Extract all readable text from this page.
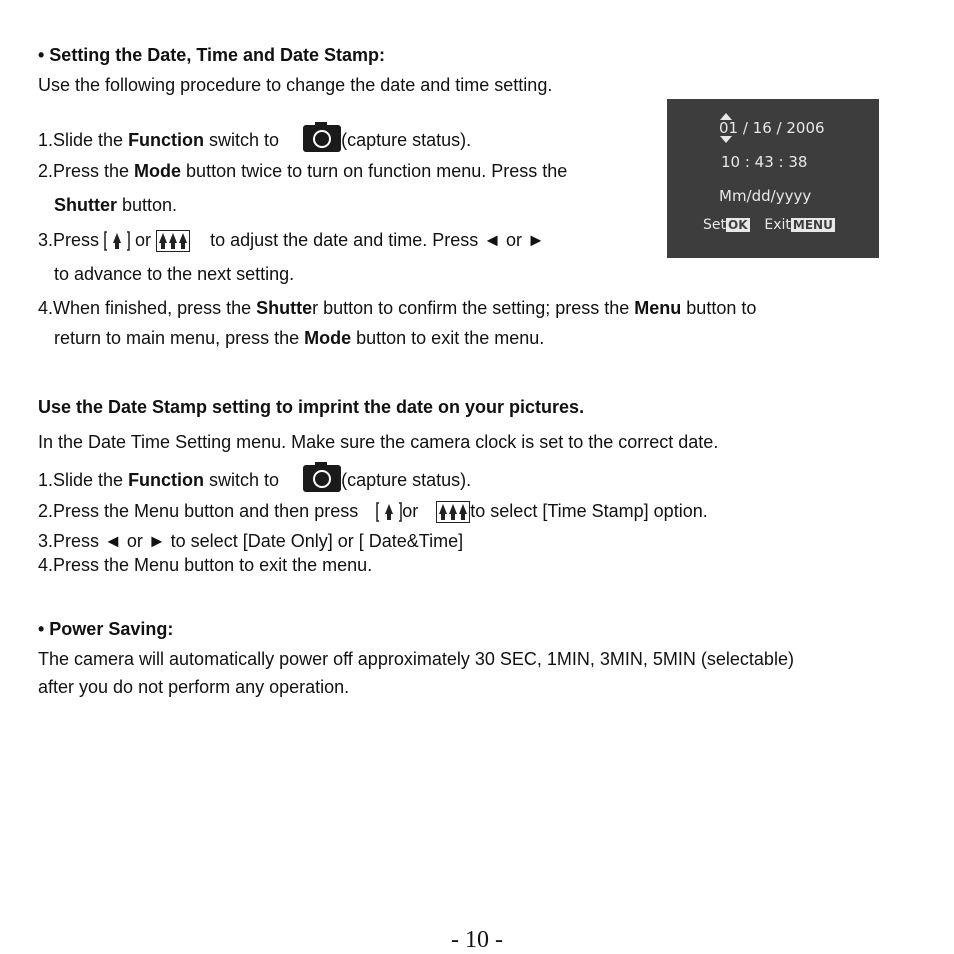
• Setting the Date, Time and Date Stamp:
Use the following procedure to change the date and time setting.
1.Slide the Function switch to	(capture status).
2.Press the Mode button twice to turn on function menu. Press the
Shutter button.
3.Press  or	to adjust the date and time. Press ◄ or ►
to advance to the next setting.
4.When finished, press the Shutter button to confirm the setting; press the Menu button to
return to main menu, press the Mode button to exit the menu.
01 / 16 / 2006
10 : 43 : 38
Mm/dd/yyyy
Set OK Exit MENU
Use the Date Stamp setting to imprint the date on your pictures.
In the Date Time Setting menu. Make sure the camera clock is set to the correct date.
1.Slide the Function switch to	(capture status).
2.Press the Menu button and then press or	to select [Time Stamp] option.
3.Press ◄ or ► to select [Date Only] or [ Date&Time]
4.Press the Menu button to exit the menu.
• Power Saving:
The camera will automatically power off approximately 30 SEC, 1MIN, 3MIN, 5MIN (selectable)
after you do not perform any operation.
- 10 -
